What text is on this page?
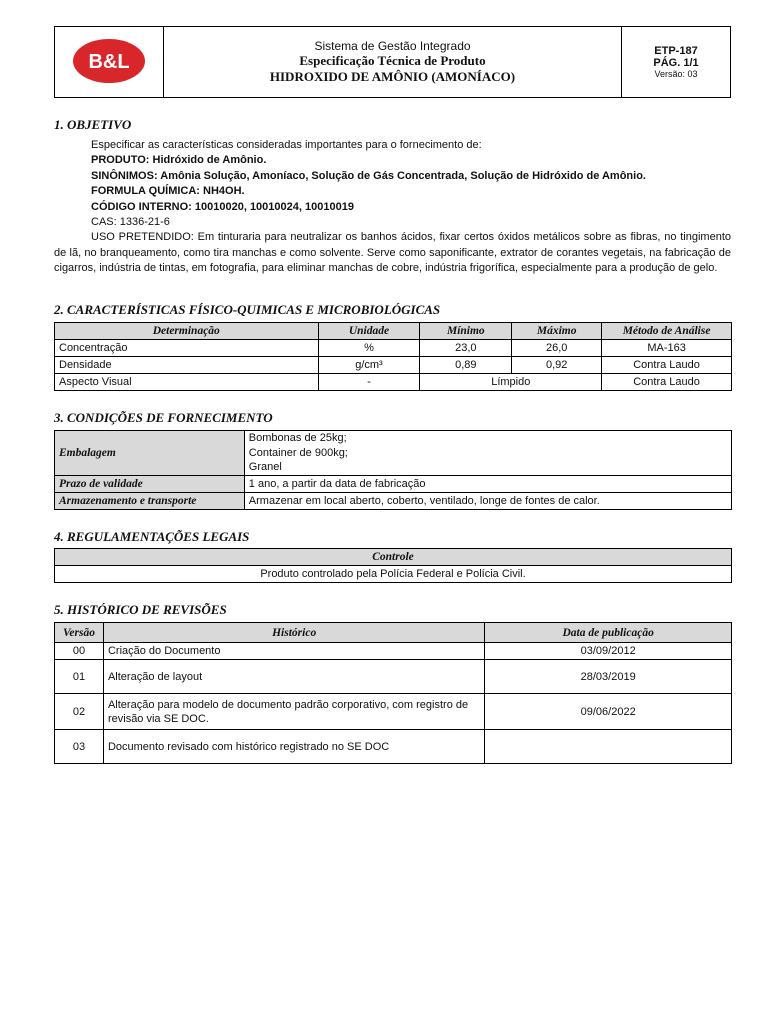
B&L

Sistema de Gestão Integrado
Especificação Técnica de Produto
HIDROXIDO DE AMÔNIO (AMONÍACO)

ETP-187
PÁG. 1/1
Versão: 03
1. OBJETIVO
Especificar as características consideradas importantes para o fornecimento de:
PRODUTO: Hidróxido de Amônio.
SINÔNIMOS: Amônia Solução, Amoníaco, Solução de Gás Concentrada, Solução de Hidróxido de Amônio.
FORMULA QUÍMICA: NH4OH.
CÓDIGO INTERNO: 10010020, 10010024, 10010019
CAS: 1336-21-6
USO PRETENDIDO: Em tinturaria para neutralizar os banhos ácidos, fixar certos óxidos metálicos sobre as fibras, no tingimento de lã, no branqueamento, como tira manchas e como solvente. Serve como saponificante, extrator de corantes vegetais, na fabricação de cigarros, indústria de tintas, em fotografia, para eliminar manchas de cobre, indústria frigorífica, especialmente para a produção de gelo.
2. CARACTERÍSTICAS FÍSICO-QUIMICAS E MICROBIOLÓGICAS
Determinação	Unidade	Mínimo	Máximo	Método de Análise
Concentração	%	23,0	26,0	MA-163
Densidade	g/cm³	0,89	0,92	Contra Laudo
Aspecto Visual	-	Límpido		Contra Laudo
3. CONDIÇÕES DE FORNECIMENTO
Embalagem	Bombonas de 25kg;
Container de 900kg;
Granel

Prazo de validade	1 ano, a partir da data de fabricação
Armazenamento e transporte	Armazenar em local aberto, coberto, ventilado, longe de fontes de calor.
4. REGULAMENTAÇÕES LEGAIS
Controle
Produto controlado pela Polícia Federal e Polícia Civil.
5. HISTÓRICO DE REVISÕES
Versão	Histórico	Data de publicação
00	Criação do Documento	03/09/2012
01	Alteração de layout	28/03/2019
02	Alteração para modelo de documento padrão corporativo, com registro de revisão via SE DOC.	09/06/2022
03	Documento revisado com histórico registrado no SE DOC	
